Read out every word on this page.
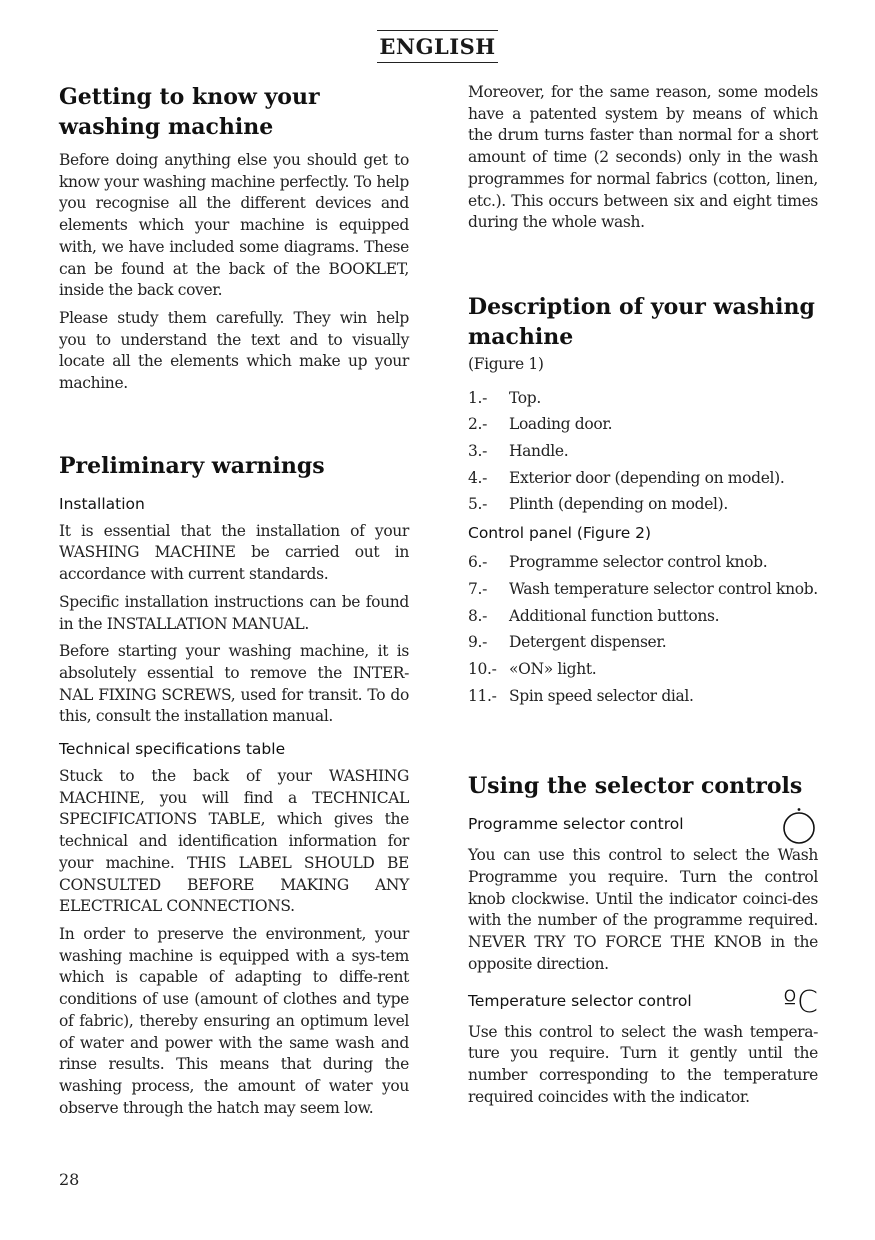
ENGLISH
Getting to know your washing machine

Before doing anything else you should get to know your washing machine perfectly. To help you recognise all the different devices and elements which your machine is equipped with, we have included some diagrams. These can be found at the back of the BOOKLET, inside the back cover.

Please study them carefully. They win help you to understand the text and to visually locate all the elements which make up your machine.

Preliminary warnings
Installation

It is essential that the installation of your WASHING MACHINE be carried out in accordance with current standards.

Specific installation instructions can be found in the INSTALLATION MANUAL.

Before starting your washing machine, it is absolutely essential to remove the INTER-NAL FIXING SCREWS, used for transit. To do this, consult the installation manual.

Technical specifications table

Stuck to the back of your WASHING MACHINE, you will find a TECHNICAL SPECIFICATIONS TABLE, which gives the technical and identification information for your machine. THIS LABEL SHOULD BE CONSULTED BEFORE MAKING ANY ELECTRICAL CONNECTIONS.

In order to preserve the environment, your washing machine is equipped with a sys-tem which is capable of adapting to diffe-rent conditions of use (amount of clothes and type of fabric), thereby ensuring an optimum level of water and power with the same wash and rinse results. This means that during the washing process, the amount of water you observe through the hatch may seem low.

Moreover, for the same reason, some models have a patented system by means of which the drum turns faster than normal for a short amount of time (2 seconds) only in the wash programmes for normal fabrics (cotton, linen, etc.). This occurs between six and eight times during the whole wash.

Description of your washing machine

(Figure 1)

1.-	Top.
2.-	Loading door.
3.-	Handle.
4.-	Exterior door (depending on model).
5.-	Plinth (depending on model).
Control panel (Figure 2)
6.-	Programme selector control knob.
7.-	Wash temperature selector control knob.
8.-	Additional function buttons.
9.-	Detergent dispenser.
10.- «ON» light.
11.- Spin speed selector dial.
Using the selector controls
Programme selector control

You can use this control to select the Wash Programme you require. Turn the control knob clockwise. Until the indicator coinci-des with the number of the programme required. NEVER TRY TO FORCE THE KNOB in the opposite direction.

Temperature selector control	ºC

Use this control to select the wash tempera-ture you require. Turn it gently until the number corresponding to the temperature required coincides with the indicator.

28
